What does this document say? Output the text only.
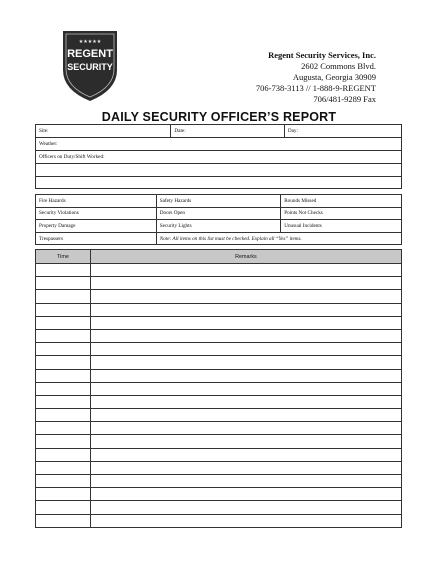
★★★★★
REGENT
SECURITY
Regent Security Services, Inc.
2602 Commons Blvd.
Augusta, Georgia 30909
706-738-3113 // 1-888-9-REGENT
706/481-9289 Fax
DAILY SECURITY OFFICER’S REPORT
Site:	Date:	Day:
Weather:
Officers on Duty/Shift Worked:

Fire Hazards	Safety Hazards	Rounds Missed
Security Violations	Doors Open	Points Not Checks
Property Damage	Security Lights	Unusual Incidents
Trespassers	Note: All items on this list must be checked. Explain all “Yes” items.	
Time	Remarks
